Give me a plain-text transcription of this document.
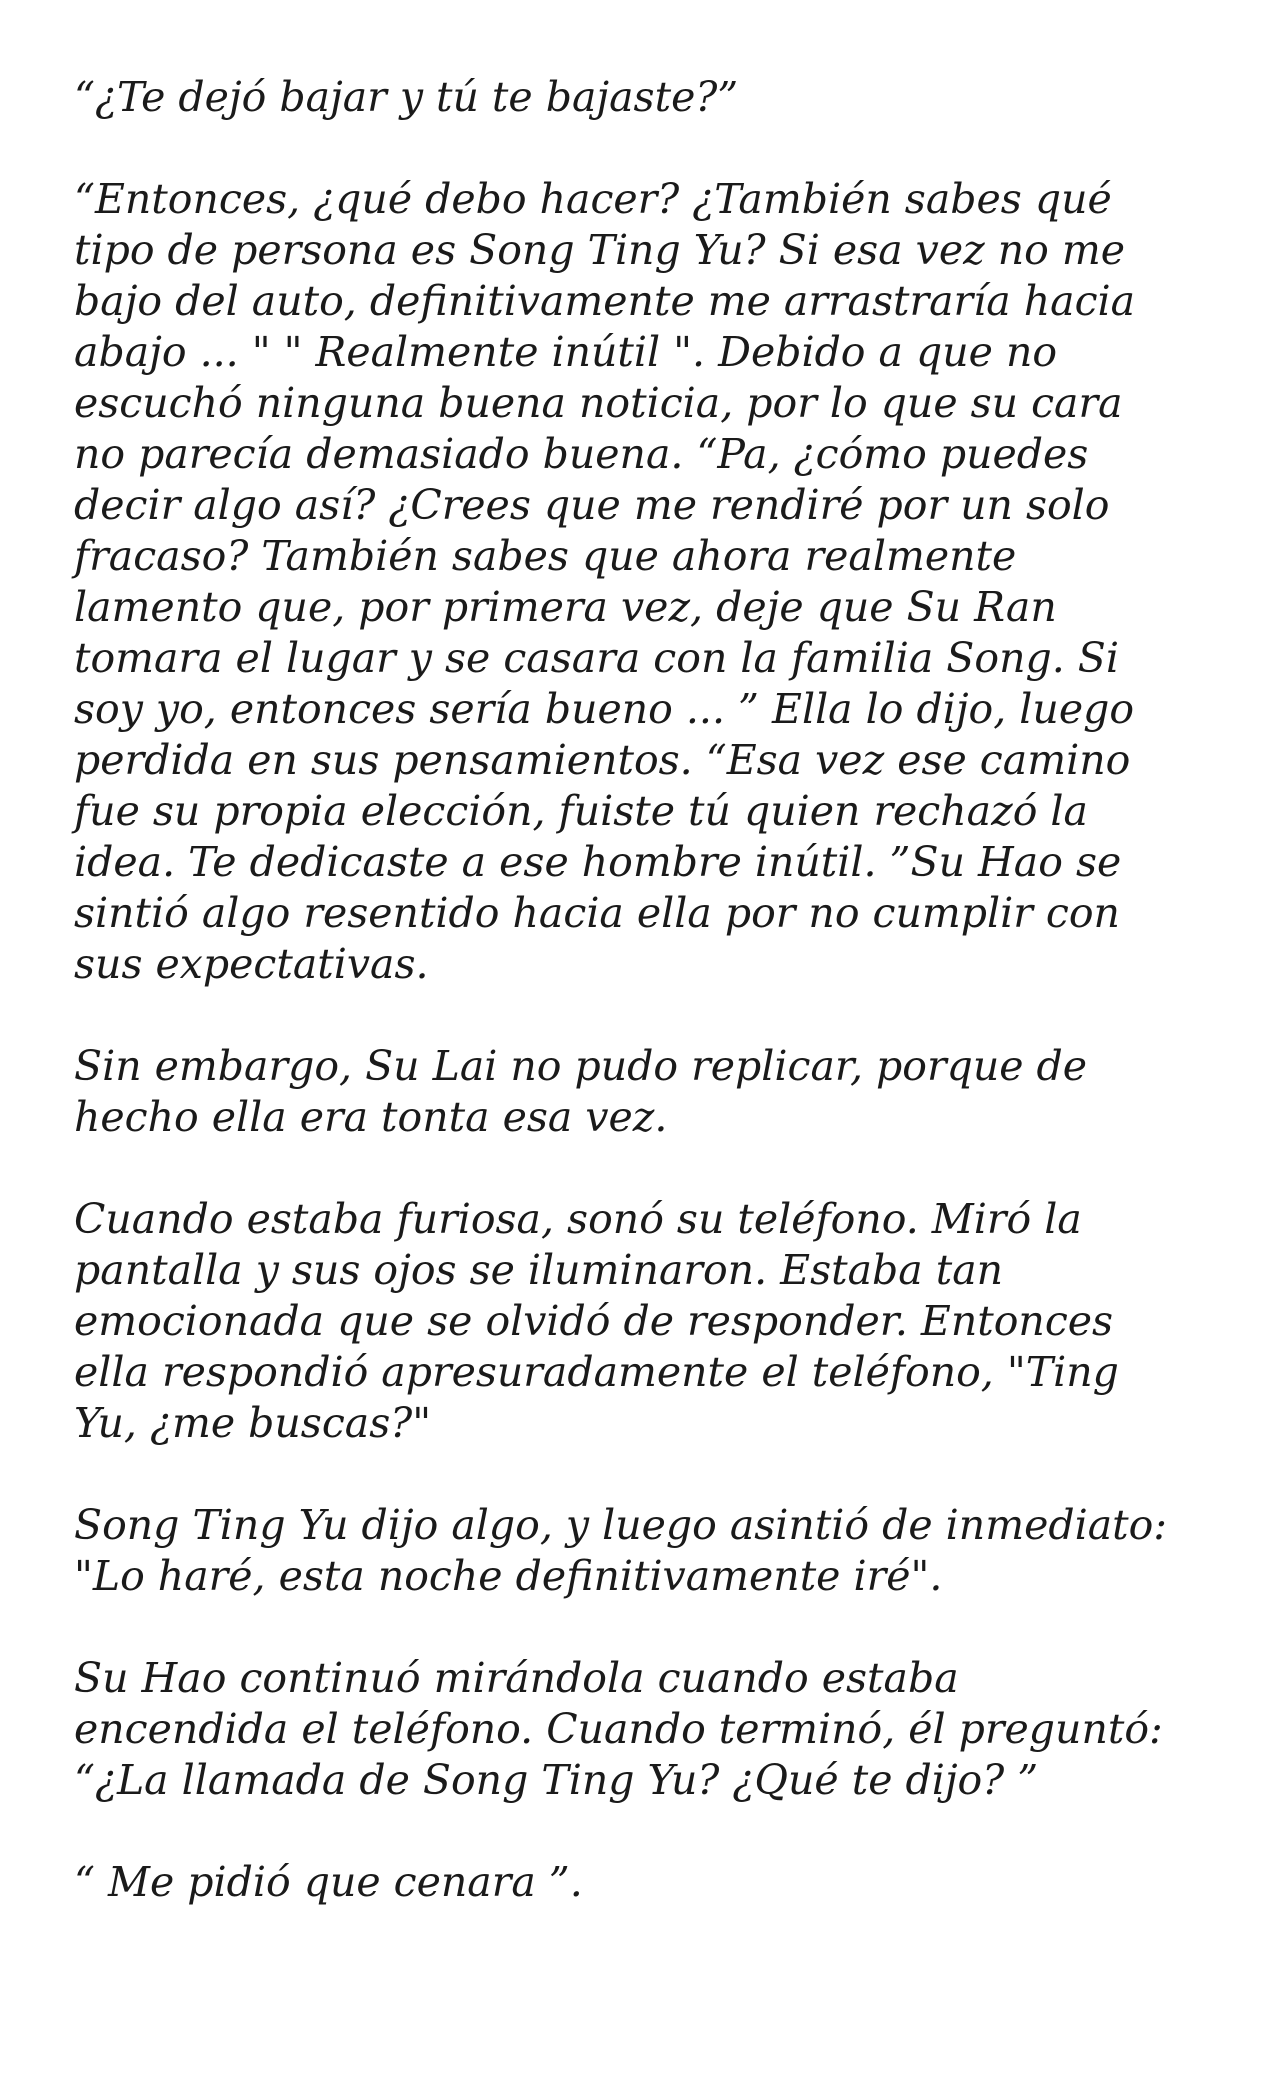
“¿Te dejó bajar y tú te bajaste?”
“Entonces, ¿qué debo hacer? ¿También sabes qué
tipo de persona es Song Ting Yu? Si esa vez no me
bajo del auto, definitivamente me arrastraría hacia
abajo ... " " Realmente inútil ". Debido a que no
escuchó ninguna buena noticia, por lo que su cara
no parecía demasiado buena. “Pa, ¿cómo puedes
decir algo así? ¿Crees que me rendiré por un solo
fracaso? También sabes que ahora realmente
lamento que, por primera vez, deje que Su Ran
tomara el lugar y se casara con la familia Song. Si
soy yo, entonces sería bueno ... ” Ella lo dijo, luego
perdida en sus pensamientos. “Esa vez ese camino
fue su propia elección, fuiste tú quien rechazó la
idea. Te dedicaste a ese hombre inútil. ”Su Hao se
sintió algo resentido hacia ella por no cumplir con
sus expectativas.
Sin embargo, Su Lai no pudo replicar, porque de
hecho ella era tonta esa vez.
Cuando estaba furiosa, sonó su teléfono. Miró la
pantalla y sus ojos se iluminaron. Estaba tan
emocionada que se olvidó de responder. Entonces
ella respondió apresuradamente el teléfono, "Ting
Yu, ¿me buscas?"
Song Ting Yu dijo algo, y luego asintió de inmediato:
"Lo haré, esta noche definitivamente iré".
Su Hao continuó mirándola cuando estaba
encendida el teléfono. Cuando terminó, él preguntó:
“¿La llamada de Song Ting Yu? ¿Qué te dijo? ”
“ Me pidió que cenara ”.
